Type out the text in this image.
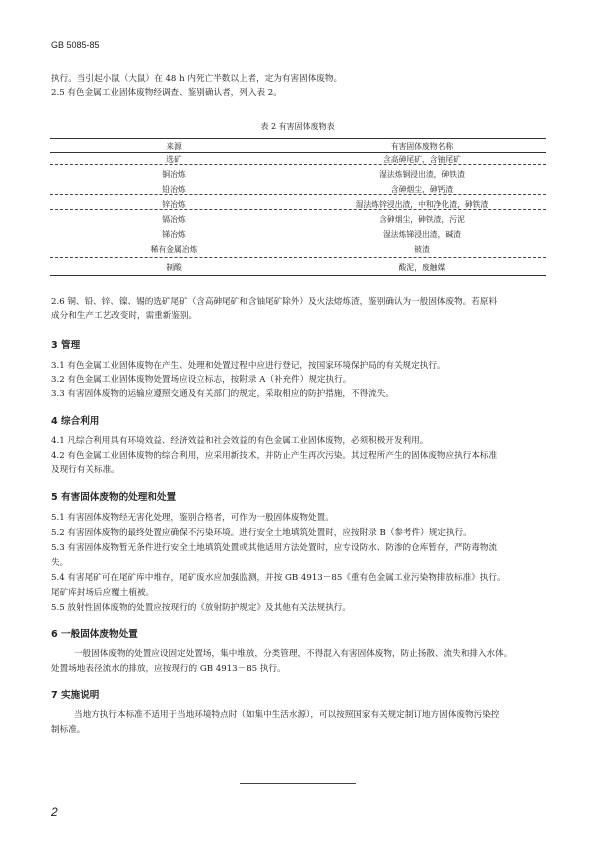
GB 5085-85
执行。当引起小鼠（大鼠）在 48 h 内死亡半数以上者，定为有害固体废物。
2.5 有色金属工业固体废物经调查、鉴别确认者，列入表 2。
表 2 有害固体废物表
来源	有害固体废物名称
选矿	含高砷尾矿，含铀尾矿
铜冶炼	湿法炼铜浸出渣，砷铁渣
铅冶炼	含砷烟尘，砷钙渣
锌冶炼	湿法炼锌浸出渣，中和净化渣，砷铁渣
镉冶炼	含砷烟尘，砷铁渣，污泥
锑冶炼	湿法炼锑浸出渣，碱渣
稀有金属冶炼	铍渣
制酸	酸泥，废触媒
2.6 铜、铅、锌、镍、锡的选矿尾矿（含高砷尾矿和含铀尾矿除外）及火法熔炼渣，鉴别确认为一般固体废物。若原料
成分和生产工艺改变时，需重新鉴别。
3 管理
3.1 有色金属工业固体废物在产生、处理和处置过程中应进行登记，按国家环境保护局的有关规定执行。
3.2 有色金属工业固体废物处置场应设立标志，按附录 A（补充件）规定执行。
3.3 有害固体废物的运输应遵照交通及有关部门的规定，采取相应的防护措施，不得流失。
4 综合利用
4.1 凡综合利用具有环境效益、经济效益和社会效益的有色金属工业固体废物，必须积极开发利用。
4.2 有色金属工业固体废物的综合利用，应采用新技术，并防止产生再次污染。其过程所产生的固体废物应执行本标准
及现行有关标准。
5 有害固体废物的处理和处置
5.1 有害固体废物经无害化处理，鉴别合格者，可作为一般固体废物处置。
5.2 有害固体废物的最终处置应确保不污染环境。进行安全土地填筑处置时，应按附录 B（参考件）规定执行。
5.3 有害固体废物暂无条件进行安全土地填筑处置或其他适用方法处置时，应专设防水、防渗的仓库暂存，严防毒物流
失。
5.4 有害尾矿可在尾矿库中堆存，尾矿废水应加强监测，并按 GB 4913－85《重有色金属工业污染物排放标准》执行。
尾矿库封场后应覆土植被。
5.5 放射性固体废物的处置应按现行的《放射防护规定》及其他有关法规执行。
6 一般固体废物处置
一般固体废物的处置应设固定处置场，集中堆放，分类管理，不得混入有害固体废物，防止扬散、流失和排入水体。
处置场地表径流水的排放，应按现行的 GB 4913－85 执行。
7 实施说明
当地方执行本标准不适用于当地环境特点时（如集中生活水源），可以按照国家有关规定制订地方固体废物污染控
制标准。
2
